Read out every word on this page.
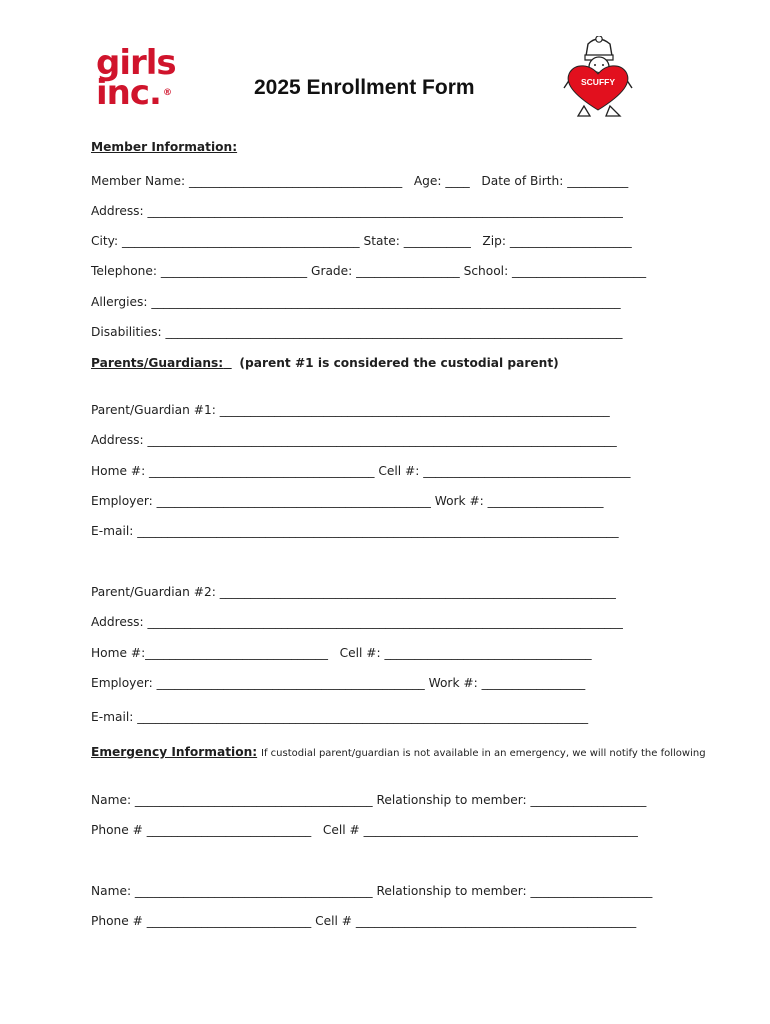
girls
inc. ®
SCUFFY
2025 Enrollment Form
Member Information:
Member Name: ___________________________________   Age: ____   Date of Birth: __________
Address: ______________________________________________________________________________
City: _______________________________________ State: ___________   Zip: ____________________
Telephone: ________________________ Grade: _________________ School: ______________________
Allergies: _____________________________________________________________________________
Disabilities: ___________________________________________________________________________
Parents/Guardians: (parent #1 is considered the custodial parent)
Parent/Guardian #1: ________________________________________________________________
Address: _____________________________________________________________________________
Home #: _____________________________________ Cell #: __________________________________
Employer: _____________________________________________ Work #: ___________________
E-mail: _______________________________________________________________________________
Parent/Guardian #2: _________________________________________________________________
Address: ______________________________________________________________________________
Home #:______________________________   Cell #: __________________________________
Employer: ____________________________________________ Work #: _________________
E-mail: __________________________________________________________________________
Emergency Information: If custodial parent/guardian is not available in an emergency, we will notify the following
Name: _______________________________________ Relationship to member: ___________________
Phone # ___________________________   Cell # _____________________________________________
Name: _______________________________________ Relationship to member: ____________________
Phone # ___________________________ Cell # ______________________________________________
